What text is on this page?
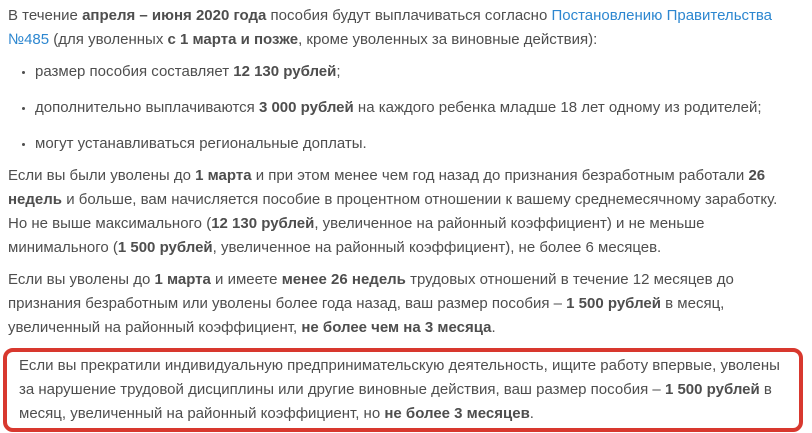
В течение апреля – июня 2020 года пособия будут выплачиваться согласно Постановлению Правительства №485 (для уволенных с 1 марта и позже, кроме уволенных за виновные действия):

• размер пособия составляет 12 130 рублей;
• дополнительно выплачиваются 3 000 рублей на каждого ребенка младше 18 лет одному из родителей;
• могут устанавливаться региональные доплаты.

Если вы были уволены до 1 марта и при этом менее чем год назад до признания безработным работали 26 недель и больше, вам начисляется пособие в процентном отношении к вашему среднемесячному заработку. Но не выше максимального (12 130 рублей, увеличенное на районный коэффициент) и не меньше минимального (1 500 рублей, увеличенное на районный коэффициент), не более 6 месяцев.

Если вы уволены до 1 марта и имеете менее 26 недель трудовых отношений в течение 12 месяцев до признания безработным или уволены более года назад, ваш размер пособия – 1 500 рублей в месяц, увеличенный на районный коэффициент, не более чем на 3 месяца.

Если вы прекратили индивидуальную предпринимательскую деятельность, ищите работу впервые, уволены за нарушение трудовой дисциплины или другие виновные действия, ваш размер пособия – 1 500 рублей в месяц, увеличенный на районный коэффициент, но не более 3 месяцев.
